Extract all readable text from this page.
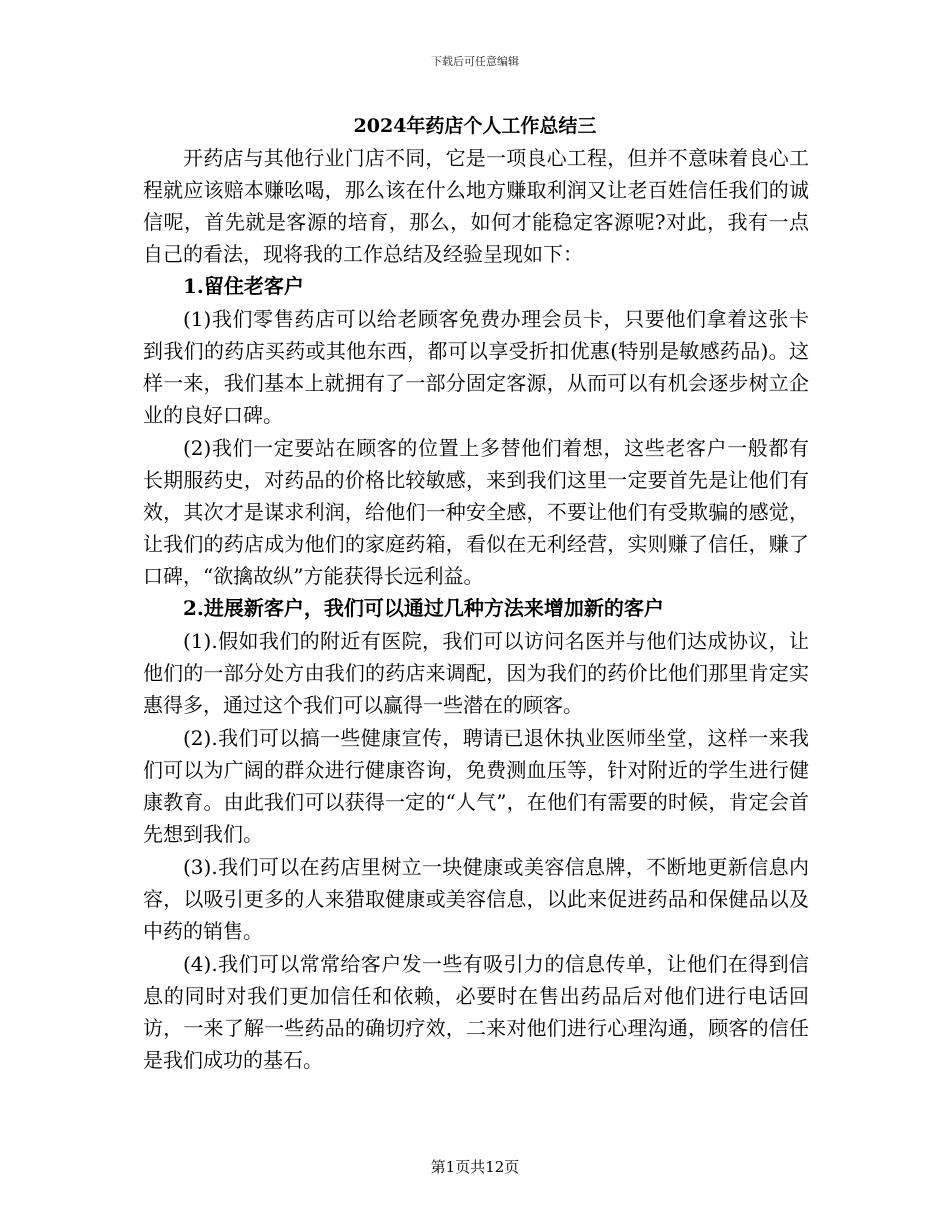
下载后可任意编辑
2024年药店个人工作总结三

开药店与其他行业门店不同，它是一项良心工程，但并不意味着良心工程就应该赔本赚吆喝，那么该在什么地方赚取利润又让老百姓信任我们的诚信呢，首先就是客源的培育，那么，如何才能稳定客源呢?对此，我有一点自己的看法，现将我的工作总结及经验呈现如下：

1.留住老客户

(1)我们零售药店可以给老顾客免费办理会员卡，只要他们拿着这张卡到我们的药店买药或其他东西，都可以享受折扣优惠(特别是敏感药品)。这样一来，我们基本上就拥有了一部分固定客源，从而可以有机会逐步树立企业的良好口碑。

(2)我们一定要站在顾客的位置上多替他们着想，这些老客户一般都有长期服药史，对药品的价格比较敏感，来到我们这里一定要首先是让他们有效，其次才是谋求利润，给他们一种安全感，不要让他们有受欺骗的感觉，让我们的药店成为他们的家庭药箱，看似在无利经营，实则赚了信任，赚了口碑，“欲擒故纵”方能获得长远利益。

2.进展新客户，我们可以通过几种方法来增加新的客户

(1).假如我们的附近有医院，我们可以访问名医并与他们达成协议，让他们的一部分处方由我们的药店来调配，因为我们的药价比他们那里肯定实惠得多，通过这个我们可以赢得一些潜在的顾客。

(2).我们可以搞一些健康宣传，聘请已退休执业医师坐堂，这样一来我们可以为广阔的群众进行健康咨询，免费测血压等，针对附近的学生进行健康教育。由此我们可以获得一定的“人气”，在他们有需要的时候，肯定会首先想到我们。

(3).我们可以在药店里树立一块健康或美容信息牌，不断地更新信息内容，以吸引更多的人来猎取健康或美容信息，以此来促进药品和保健品以及中药的销售。

(4).我们可以常常给客户发一些有吸引力的信息传单，让他们在得到信息的同时对我们更加信任和依赖，必要时在售出药品后对他们进行电话回访，一来了解一些药品的确切疗效，二来对他们进行心理沟通，顾客的信任是我们成功的基石。

第1页共12页
